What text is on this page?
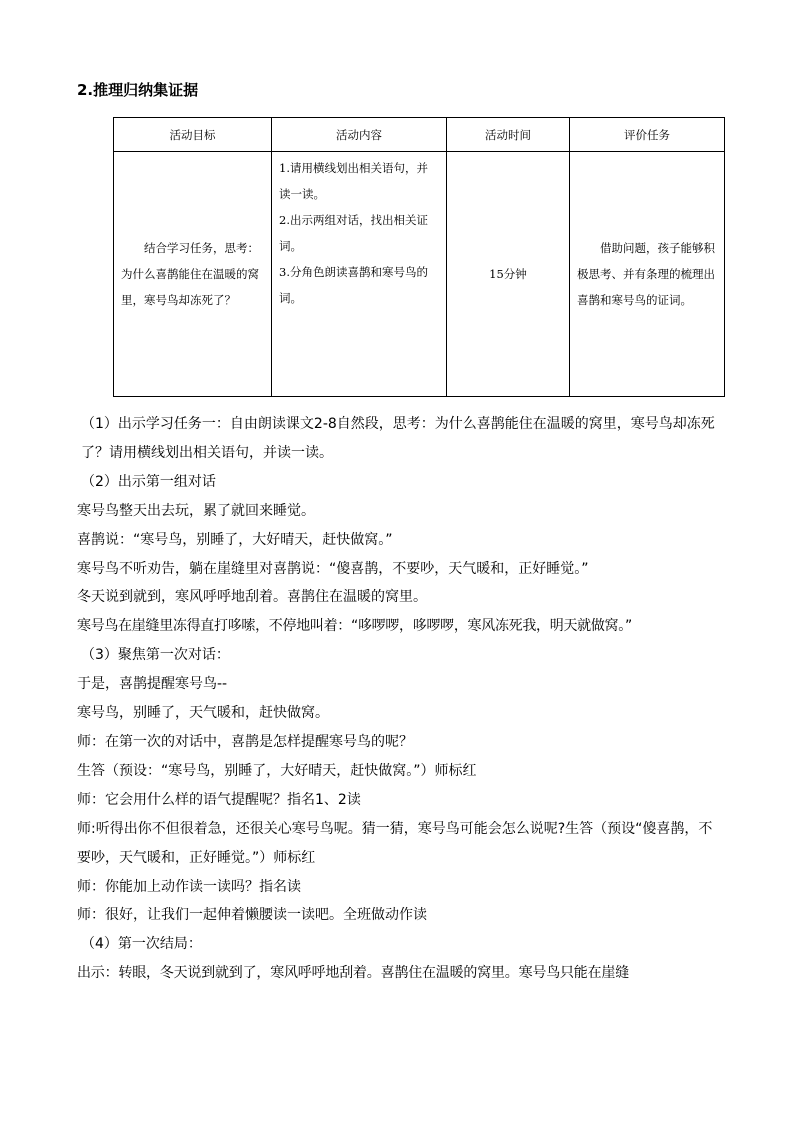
2.推理归纳集证据
活动目标	活动内容	活动时间	评价任务
结合学习任务，思考：为什么喜鹊能住在温暖的窝里，寒号鸟却冻死了？	1.请用横线划出相关语句，并读一读。

2.出示两组对话，找出相关证词。

3.分角色朗读喜鹊和寒号鸟的词。	15分钟	借助问题，孩子能够积极思考、并有条理的梳理出喜鹊和寒号鸟的证词。

（1）出示学习任务一：自由朗读课文2-8自然段，思考：为什么喜鹊能住在温暖的窝里，寒号鸟却冻死了？请用横线划出相关语句，并读一读。

（2）出示第一组对话

寒号鸟整天出去玩，累了就回来睡觉。

喜鹊说：“寒号鸟，别睡了，大好晴天，赶快做窝。”

寒号鸟不听劝告，躺在崖缝里对喜鹊说：“傻喜鹊，不要吵，天气暖和，正好睡觉。”

冬天说到就到，寒风呼呼地刮着。喜鹊住在温暖的窝里。

寒号鸟在崖缝里冻得直打哆嗦，不停地叫着：“哆啰啰，哆啰啰，寒风冻死我，明天就做窝。”

（3）聚焦第一次对话：

于是，喜鹊提醒寒号鸟--

寒号鸟，别睡了，天气暖和，赶快做窝。

师：在第一次的对话中，喜鹊是怎样提醒寒号鸟的呢？

生答（预设：“寒号鸟，别睡了，大好晴天，赶快做窝。”）师标红

师：它会用什么样的语气提醒呢？指名1、2读

师:听得出你不但很着急，还很关心寒号鸟呢。猜一猜，寒号鸟可能会怎么说呢?生答（预设“傻喜鹊，不要吵，天气暖和，正好睡觉。”）师标红

师：你能加上动作读一读吗？指名读

师：很好，让我们一起伸着懒腰读一读吧。全班做动作读

（4）第一次结局：

出示：转眼，冬天说到就到了，寒风呼呼地刮着。喜鹊住在温暖的窝里。寒号鸟只能在崖缝
